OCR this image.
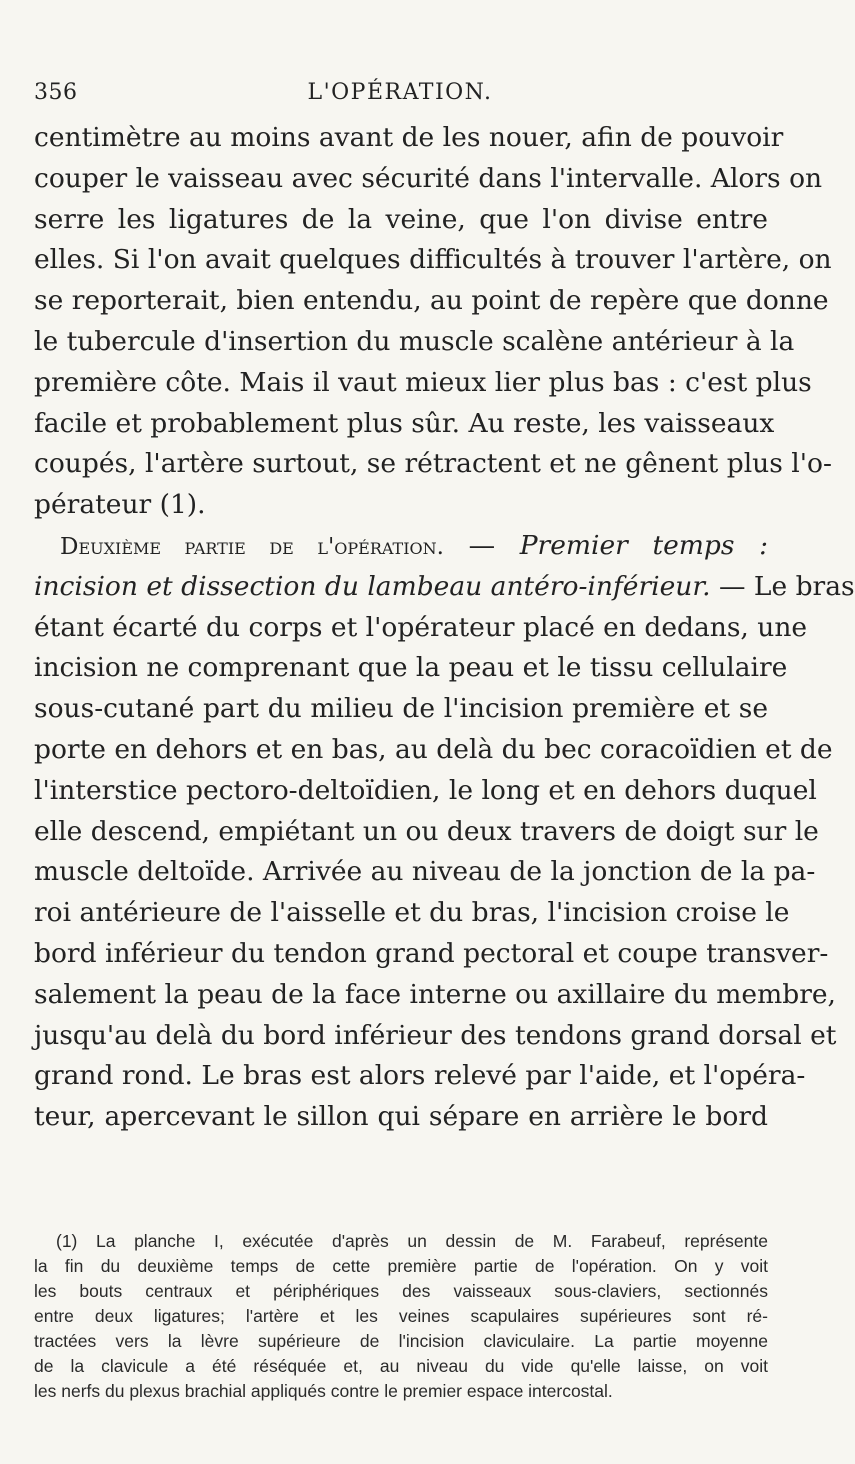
356	L'OPÉRATION.
centimètre au moins avant de les nouer, afin de pouvoir
couper le vaisseau avec sécurité dans l'intervalle. Alors on
serre les ligatures de la veine, que l'on divise entre
elles. Si l'on avait quelques difficultés à trouver l'artère, on
se reporterait, bien entendu, au point de repère que donne
le tubercule d'insertion du muscle scalène antérieur à la
première côte. Mais il vaut mieux lier plus bas : c'est plus
facile et probablement plus sûr. Au reste, les vaisseaux
coupés, l'artère surtout, se rétractent et ne gênent plus l'o-
pérateur (1).
Deuxième partie de l'opération. — Premier temps :
incision et dissection du lambeau antéro-inférieur. — Le bras
étant écarté du corps et l'opérateur placé en dedans, une
incision ne comprenant que la peau et le tissu cellulaire
sous-cutané part du milieu de l'incision première et se
porte en dehors et en bas, au delà du bec coracoïdien et de
l'interstice pectoro-deltoïdien, le long et en dehors duquel
elle descend, empiétant un ou deux travers de doigt sur le
muscle deltoïde. Arrivée au niveau de la jonction de la pa-
roi antérieure de l'aisselle et du bras, l'incision croise le
bord inférieur du tendon grand pectoral et coupe transver-
salement la peau de la face interne ou axillaire du membre,
jusqu'au delà du bord inférieur des tendons grand dorsal et
grand rond. Le bras est alors relevé par l'aide, et l'opéra-
teur, apercevant le sillon qui sépare en arrière le bord
(1) La planche I, exécutée d'après un dessin de M. Farabeuf, représente
la fin du deuxième temps de cette première partie de l'opération. On y voit
les bouts centraux et périphériques des vaisseaux sous-claviers, sectionnés
entre deux ligatures; l'artère et les veines scapulaires supérieures sont ré-
tractées vers la lèvre supérieure de l'incision claviculaire. La partie moyenne
de la clavicule a été réséquée et, au niveau du vide qu'elle laisse, on voit
les nerfs du plexus brachial appliqués contre le premier espace intercostal.
